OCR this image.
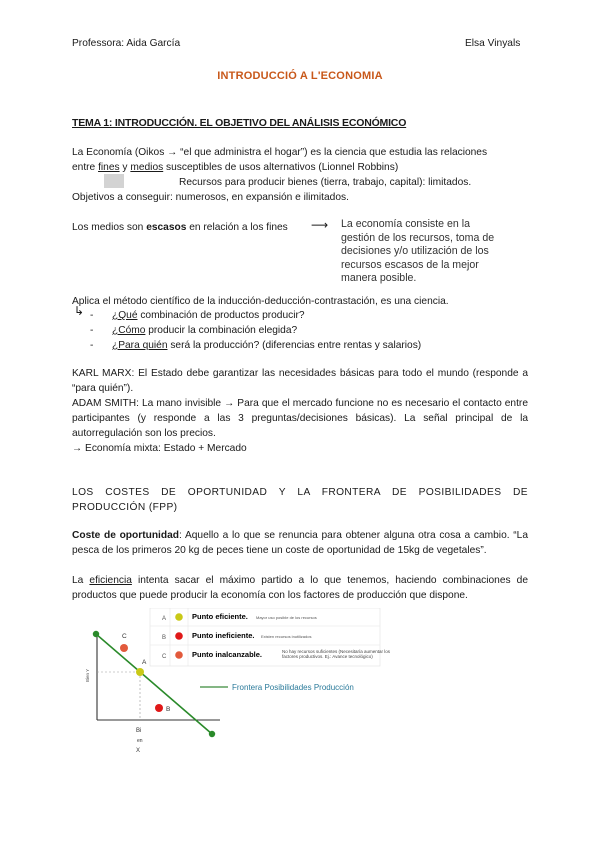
Professora: Aida García	Elsa Vinyals
INTRODUCCIÓ A L'ECONOMIA
TEMA 1: INTRODUCCIÓN. EL OBJETIVO DEL ANÁLISIS ECONÓMICO
La Economía (Oikos → “el que administra el hogar”) es la ciencia que estudia las relaciones
entre fines y medios susceptibles de usos alternativos (Lionnel Robbins)
Recursos para producir bienes (tierra, trabajo, capital): limitados.
Objetivos a conseguir: numerosos, en expansión e ilimitados.
Los medios son escasos en relación a los fines ⟶ La economía consiste en la
gestión de los recursos, toma de
decisiones y/o utilización de los
recursos escasos de la mejor
manera posible.
Aplica el método científico de la inducción-deducción-contrastación, es una ciencia.
↳ - ¿Qué combinación de productos producir?
- ¿Cómo producir la combinación elegida?
- ¿Para quién será la producción? (diferencias entre rentas y salarios)
KARL MARX: El Estado debe garantizar las necesidades básicas para todo el mundo (responde a “para quién”).
ADAM SMITH: La mano invisible → Para que el mercado funcione no es necesario el contacto entre participantes (y responde a las 3 preguntas/decisiones básicas). La señal principal de la autorregulación son los precios.
→ Economía mixta: Estado + Mercado
LOS COSTES DE OPORTUNIDAD Y LA FRONTERA DE POSIBILIDADES DE PRODUCCIÓN (FPP)
Coste de oportunidad: Aquello a lo que se renuncia para obtener alguna otra cosa a cambio. “La pesca de los primeros 20 kg de peces tiene un coste de oportunidad de 15kg de vegetales”.
La eficiencia intenta sacar el máximo partido a lo que tenemos, haciendo combinaciones de productos que puede producir la economía con los factores de producción que dispone.
A
B
C
Punto eficiente.
Punto ineficiente.
Punto inalcanzable.
Mayor uso posible de los recursos
Existen recursos inutilizados
C
A
B
Bien Y
Bi
en
X
Frontera Posibilidades Producción
No hay recursos suficientes (Necesitaría aumentar los factores productivos. Ej.: Avance tecnológico)
